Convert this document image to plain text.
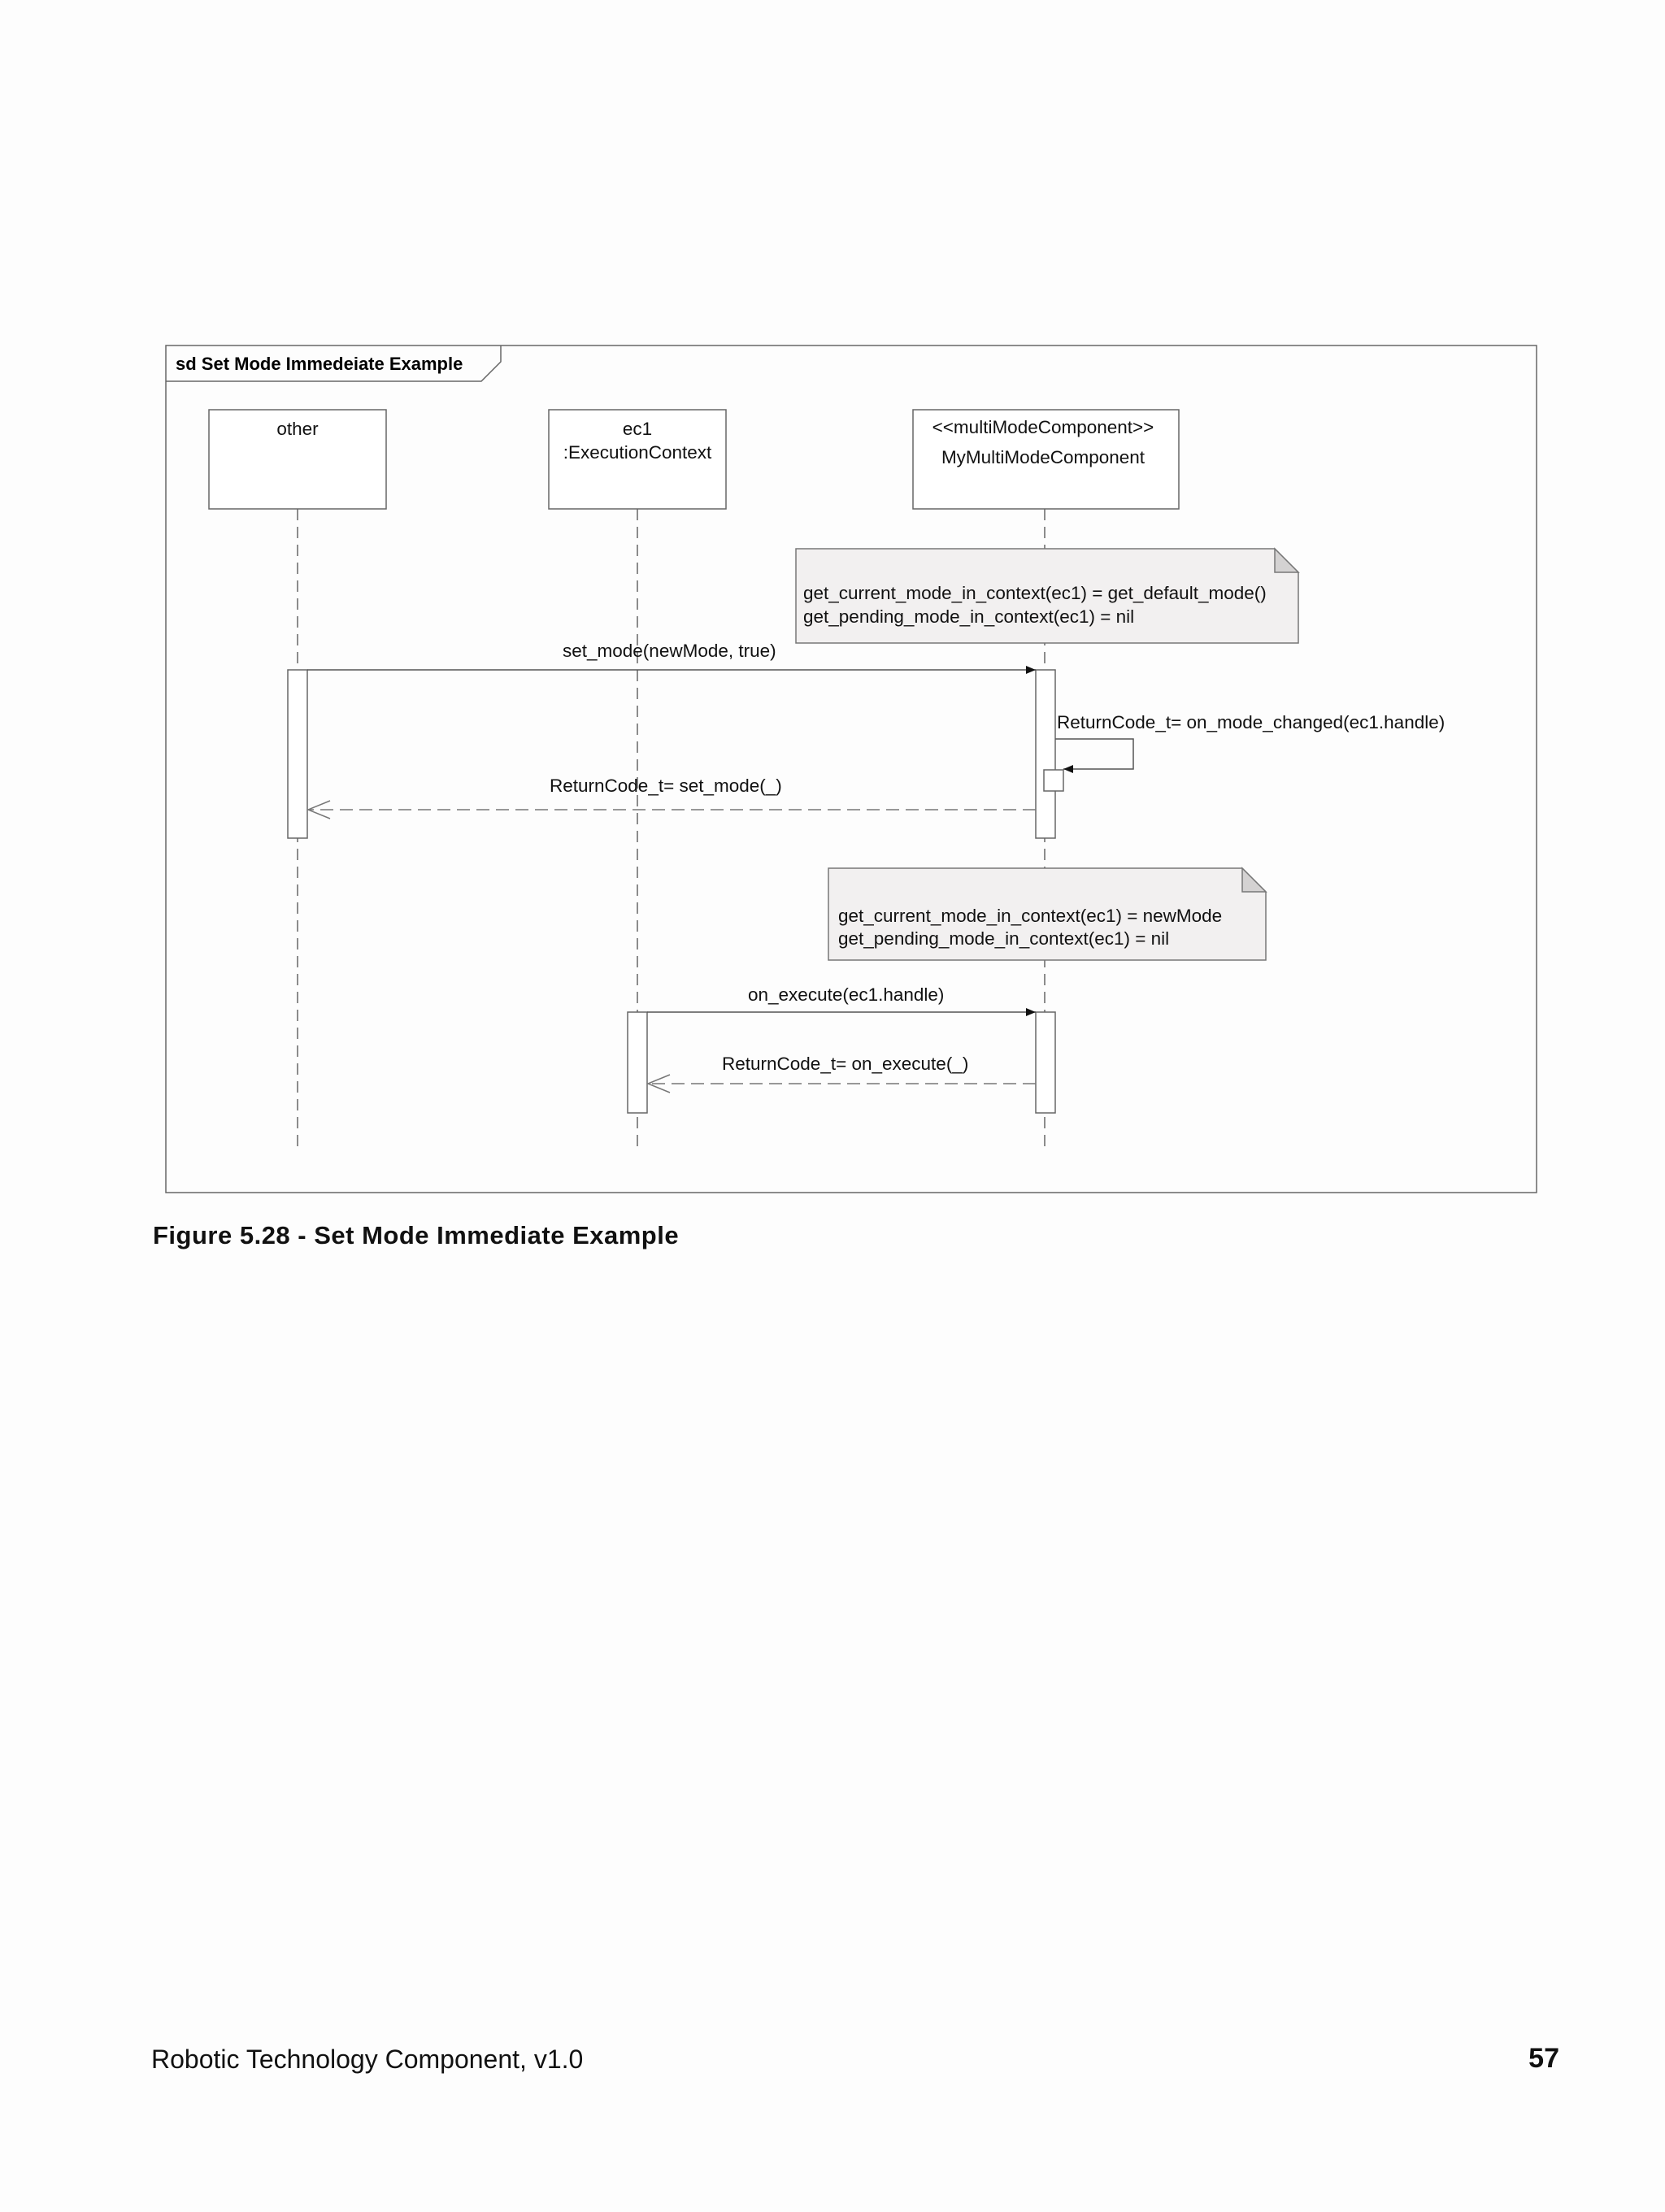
sd Set Mode Immedeiate Example
other	ec1
:ExecutionContext
<<multiModeComponent>>
MyMultiModeComponent
get_current_mode_in_context(ec1) = get_default_mode()
get_pending_mode_in_context(ec1) = nil
set_mode(newMode, true)
ReturnCode_t= on_mode_changed(ec1.handle)
ReturnCode_t= set_mode(_)
get_current_mode_in_context(ec1) = newMode
get_pending_mode_in_context(ec1) = nil
on_execute(ec1.handle)
ReturnCode_t= on_execute(_)
Figure 5.28 - Set Mode Immediate Example
Robotic Technology Component, v1.0	57
